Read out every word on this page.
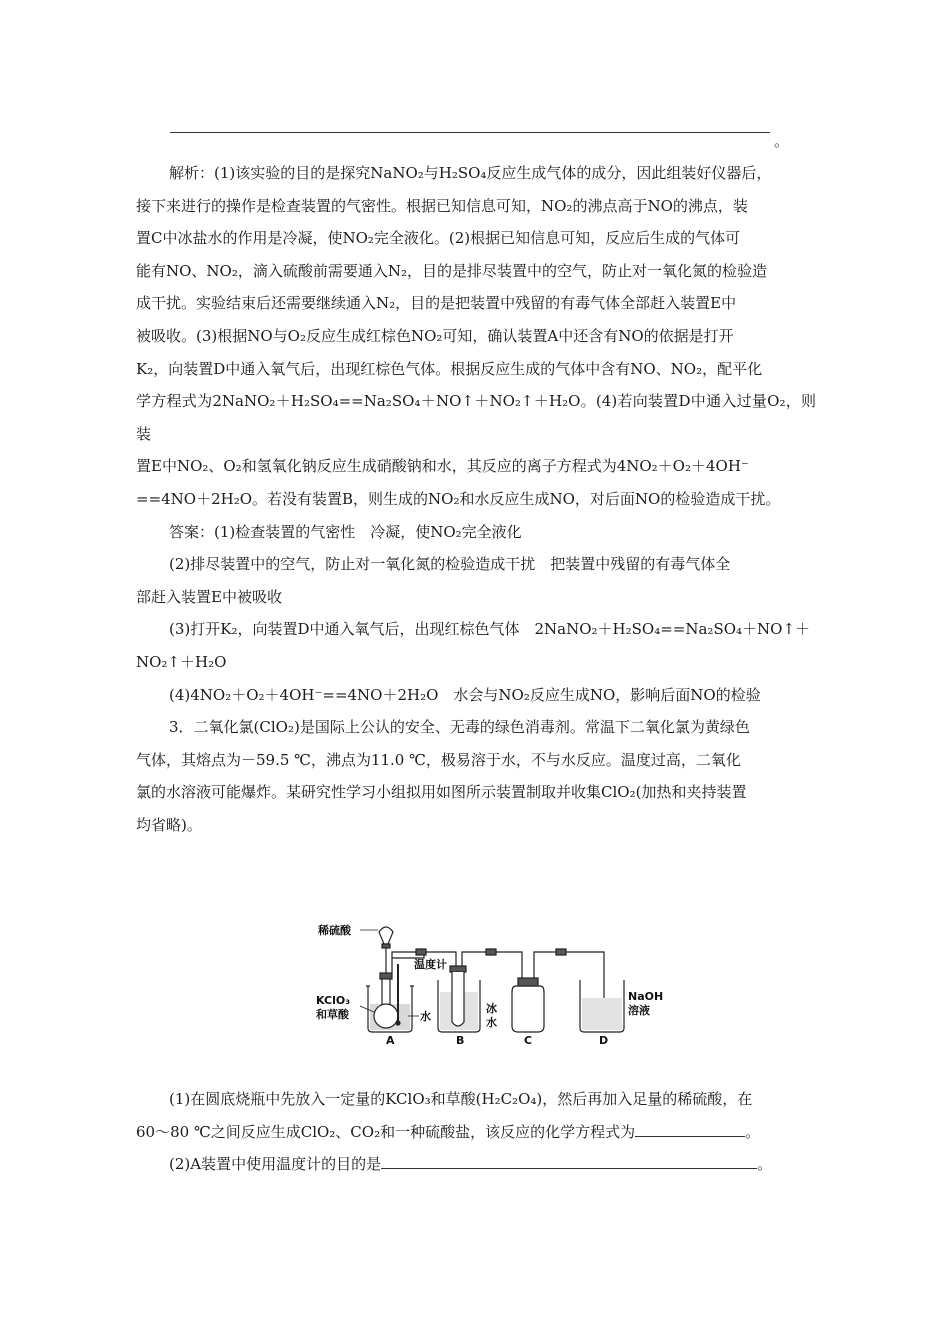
。

解析：(1)该实验的目的是探究NaNO₂与H₂SO₄反应生成气体的成分，因此组装好仪器后，

接下来进行的操作是检查装置的气密性。根据已知信息可知，NO₂的沸点高于NO的沸点，装

置C中冰盐水的作用是冷凝，使NO₂完全液化。(2)根据已知信息可知，反应后生成的气体可

能有NO、NO₂，滴入硫酸前需要通入N₂，目的是排尽装置中的空气，防止对一氧化氮的检验造

成干扰。实验结束后还需要继续通入N₂，目的是把装置中残留的有毒气体全部赶入装置E中

被吸收。(3)根据NO与O₂反应生成红棕色NO₂可知，确认装置A中还含有NO的依据是打开

K₂，向装置D中通入氧气后，出现红棕色气体。根据反应生成的气体中含有NO、NO₂，配平化

学方程式为2NaNO₂＋H₂SO₄==Na₂SO₄＋NO↑＋NO₂↑＋H₂O。(4)若向装置D中通入过量O₂，则装

置E中NO₂、O₂和氢氧化钠反应生成硝酸钠和水，其反应的离子方程式为4NO₂＋O₂＋4OH⁻

==4NO＋2H₂O。若没有装置B，则生成的NO₂和水反应生成NO，对后面NO的检验造成干扰。

答案：(1)检查装置的气密性　冷凝，使NO₂完全液化

(2)排尽装置中的空气，防止对一氧化氮的检验造成干扰　把装置中残留的有毒气体全

部赶入装置E中被吸收

(3)打开K₂，向装置D中通入氧气后，出现红棕色气体　2NaNO₂＋H₂SO₄==Na₂SO₄＋NO↑＋

NO₂↑＋H₂O

(4)4NO₂＋O₂＋4OH⁻==4NO＋2H₂O　水会与NO₂反应生成NO，影响后面NO的检验

3．二氧化氯(ClO₂)是国际上公认的安全、无毒的绿色消毒剂。常温下二氧化氯为黄绿色

气体，其熔点为－59.5 ℃，沸点为11.0 ℃，极易溶于水，不与水反应。温度过高，二氧化

氯的水溶液可能爆炸。某研究性学习小组拟用如图所示装置制取并收集ClO₂(加热和夹持装置

均省略)。

稀硫酸
温度计
KClO₃
和草酸	水
冰
水
NaOH
溶液
A	B	C	D

(1)在圆底烧瓶中先放入一定量的KClO₃和草酸(H₂C₂O₄)，然后再加入足量的稀硫酸，在

60～80 ℃之间反应生成ClO₂、CO₂和一种硫酸盐，该反应的化学方程式为	。

(2)A装置中使用温度计的目的是	。
